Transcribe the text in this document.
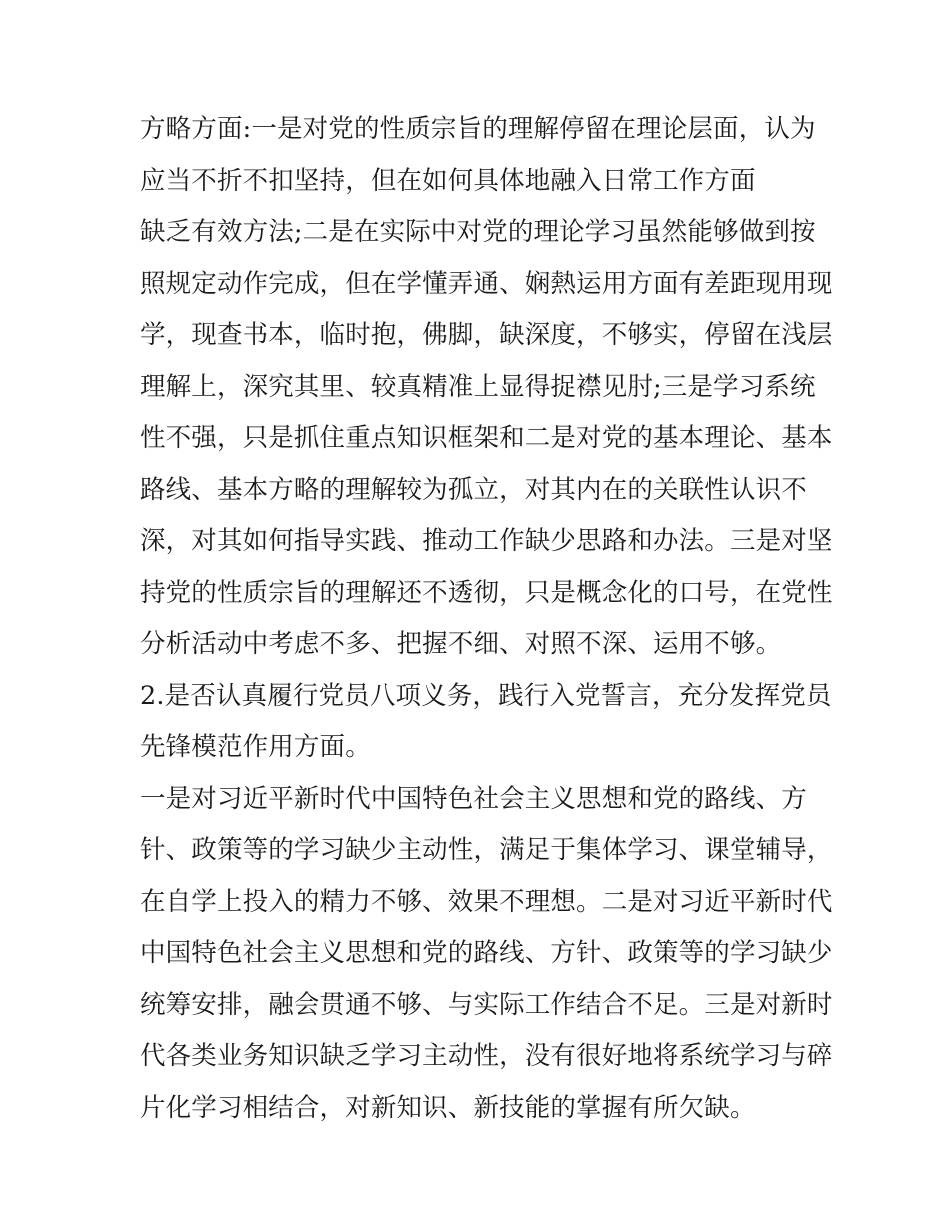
方略方面:一是对党的性质宗旨的理解停留在理论层面，认为
应当不折不扣坚持，但在如何具体地融入日常工作方面
缺乏有效方法;二是在实际中对党的理论学习虽然能够做到按
照规定动作完成，但在学懂弄通、娴熱运用方面有差距现用现
学，现查书本，临时抱，佛脚，缺深度，不够实，停留在浅层
理解上，深究其里、较真精准上显得捉襟见肘;三是学习系统
性不强，只是抓住重点知识框架和二是对党的基本理论、基本
路线、基本方略的理解较为孤立，对其内在的关联性认识不
深，对其如何指导实践、推动工作缺少思路和办法。三是对坚
持党的性质宗旨的理解还不透彻，只是概念化的口号，在党性
分析活动中考虑不多、把握不细、对照不深、运用不够。
2.是否认真履行党员八项义务，践行入党誓言，充分发挥党员
先锋模范作用方面。
一是对习近平新时代中国特色社会主义思想和党的路线、方
针、政策等的学习缺少主动性，满足于集体学习、课堂辅导，
在自学上投入的精力不够、效果不理想。二是对习近平新时代
中国特色社会主义思想和党的路线、方针、政策等的学习缺少
统筹安排，融会贯通不够、与实际工作结合不足。三是对新时
代各类业务知识缺乏学习主动性，没有很好地将系统学习与碎
片化学习相结合，对新知识、新技能的掌握有所欠缺。
